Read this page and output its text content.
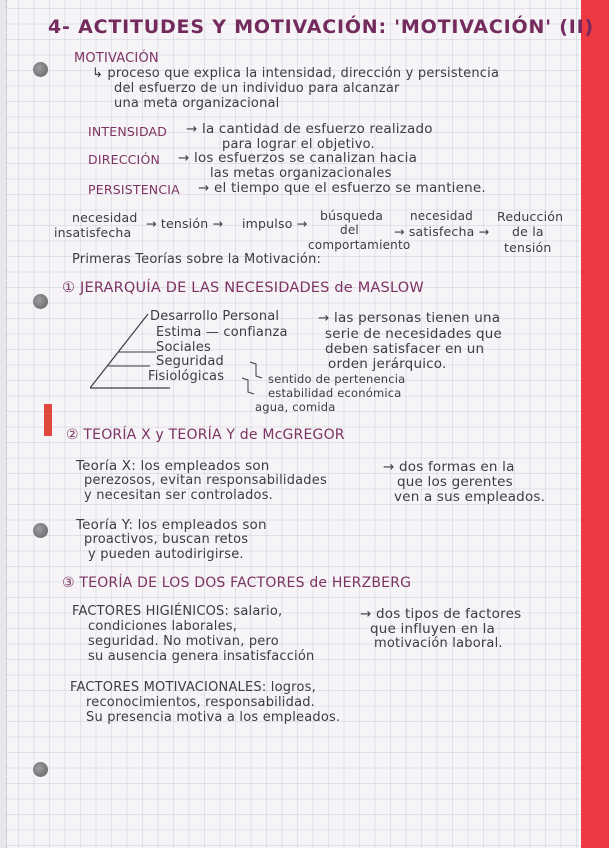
4- ACTITUDES Y MOTIVACIÓN: 'MOTIVACIÓN' (II)
MOTIVACIÓN
↳ proceso que explica la intensidad, dirección y persistencia
del esfuerzo de un individuo para alcanzar
una meta organizacional
INTENSIDAD → la cantidad de esfuerzo realizado
para lograr el objetivo.
DIRECCIÓN → los esfuerzos se canalizan hacia
las metas organizacionales
PERSISTENCIA → el tiempo que el esfuerzo se mantiene.
necesidad
insatisfecha
→ tensión → impulso →
búsqueda
del
comportamiento
necesidad
→ satisfecha →
Reducción
de la
tensión
Primeras Teorías sobre la Motivación:
① JERARQUÍA DE LAS NECESIDADES de MASLOW
Desarrollo Personal
Estima — confianza
Sociales
Seguridad
Fisiológicas
→ las personas tienen una
serie de necesidades que
deben satisfacer en un
orden jerárquico.
sentido de pertenencia
estabilidad económica
agua, comida
② TEORÍA X y TEORÍA Y de McGREGOR
Teoría X: los empleados son
perezosos, evitan responsabilidades
y necesitan ser controlados.
→ dos formas en la
que los gerentes
ven a sus empleados.
Teoría Y: los empleados son
proactivos, buscan retos
y pueden autodirigirse.
③ TEORÍA DE LOS DOS FACTORES de HERZBERG
FACTORES HIGIÉNICOS: salario,
condiciones laborales,
seguridad. No motivan, pero
su ausencia genera insatisfacción
→ dos tipos de factores
que influyen en la
motivación laboral.
FACTORES MOTIVACIONALES: logros,
reconocimientos, responsabilidad.
Su presencia motiva a los empleados.
